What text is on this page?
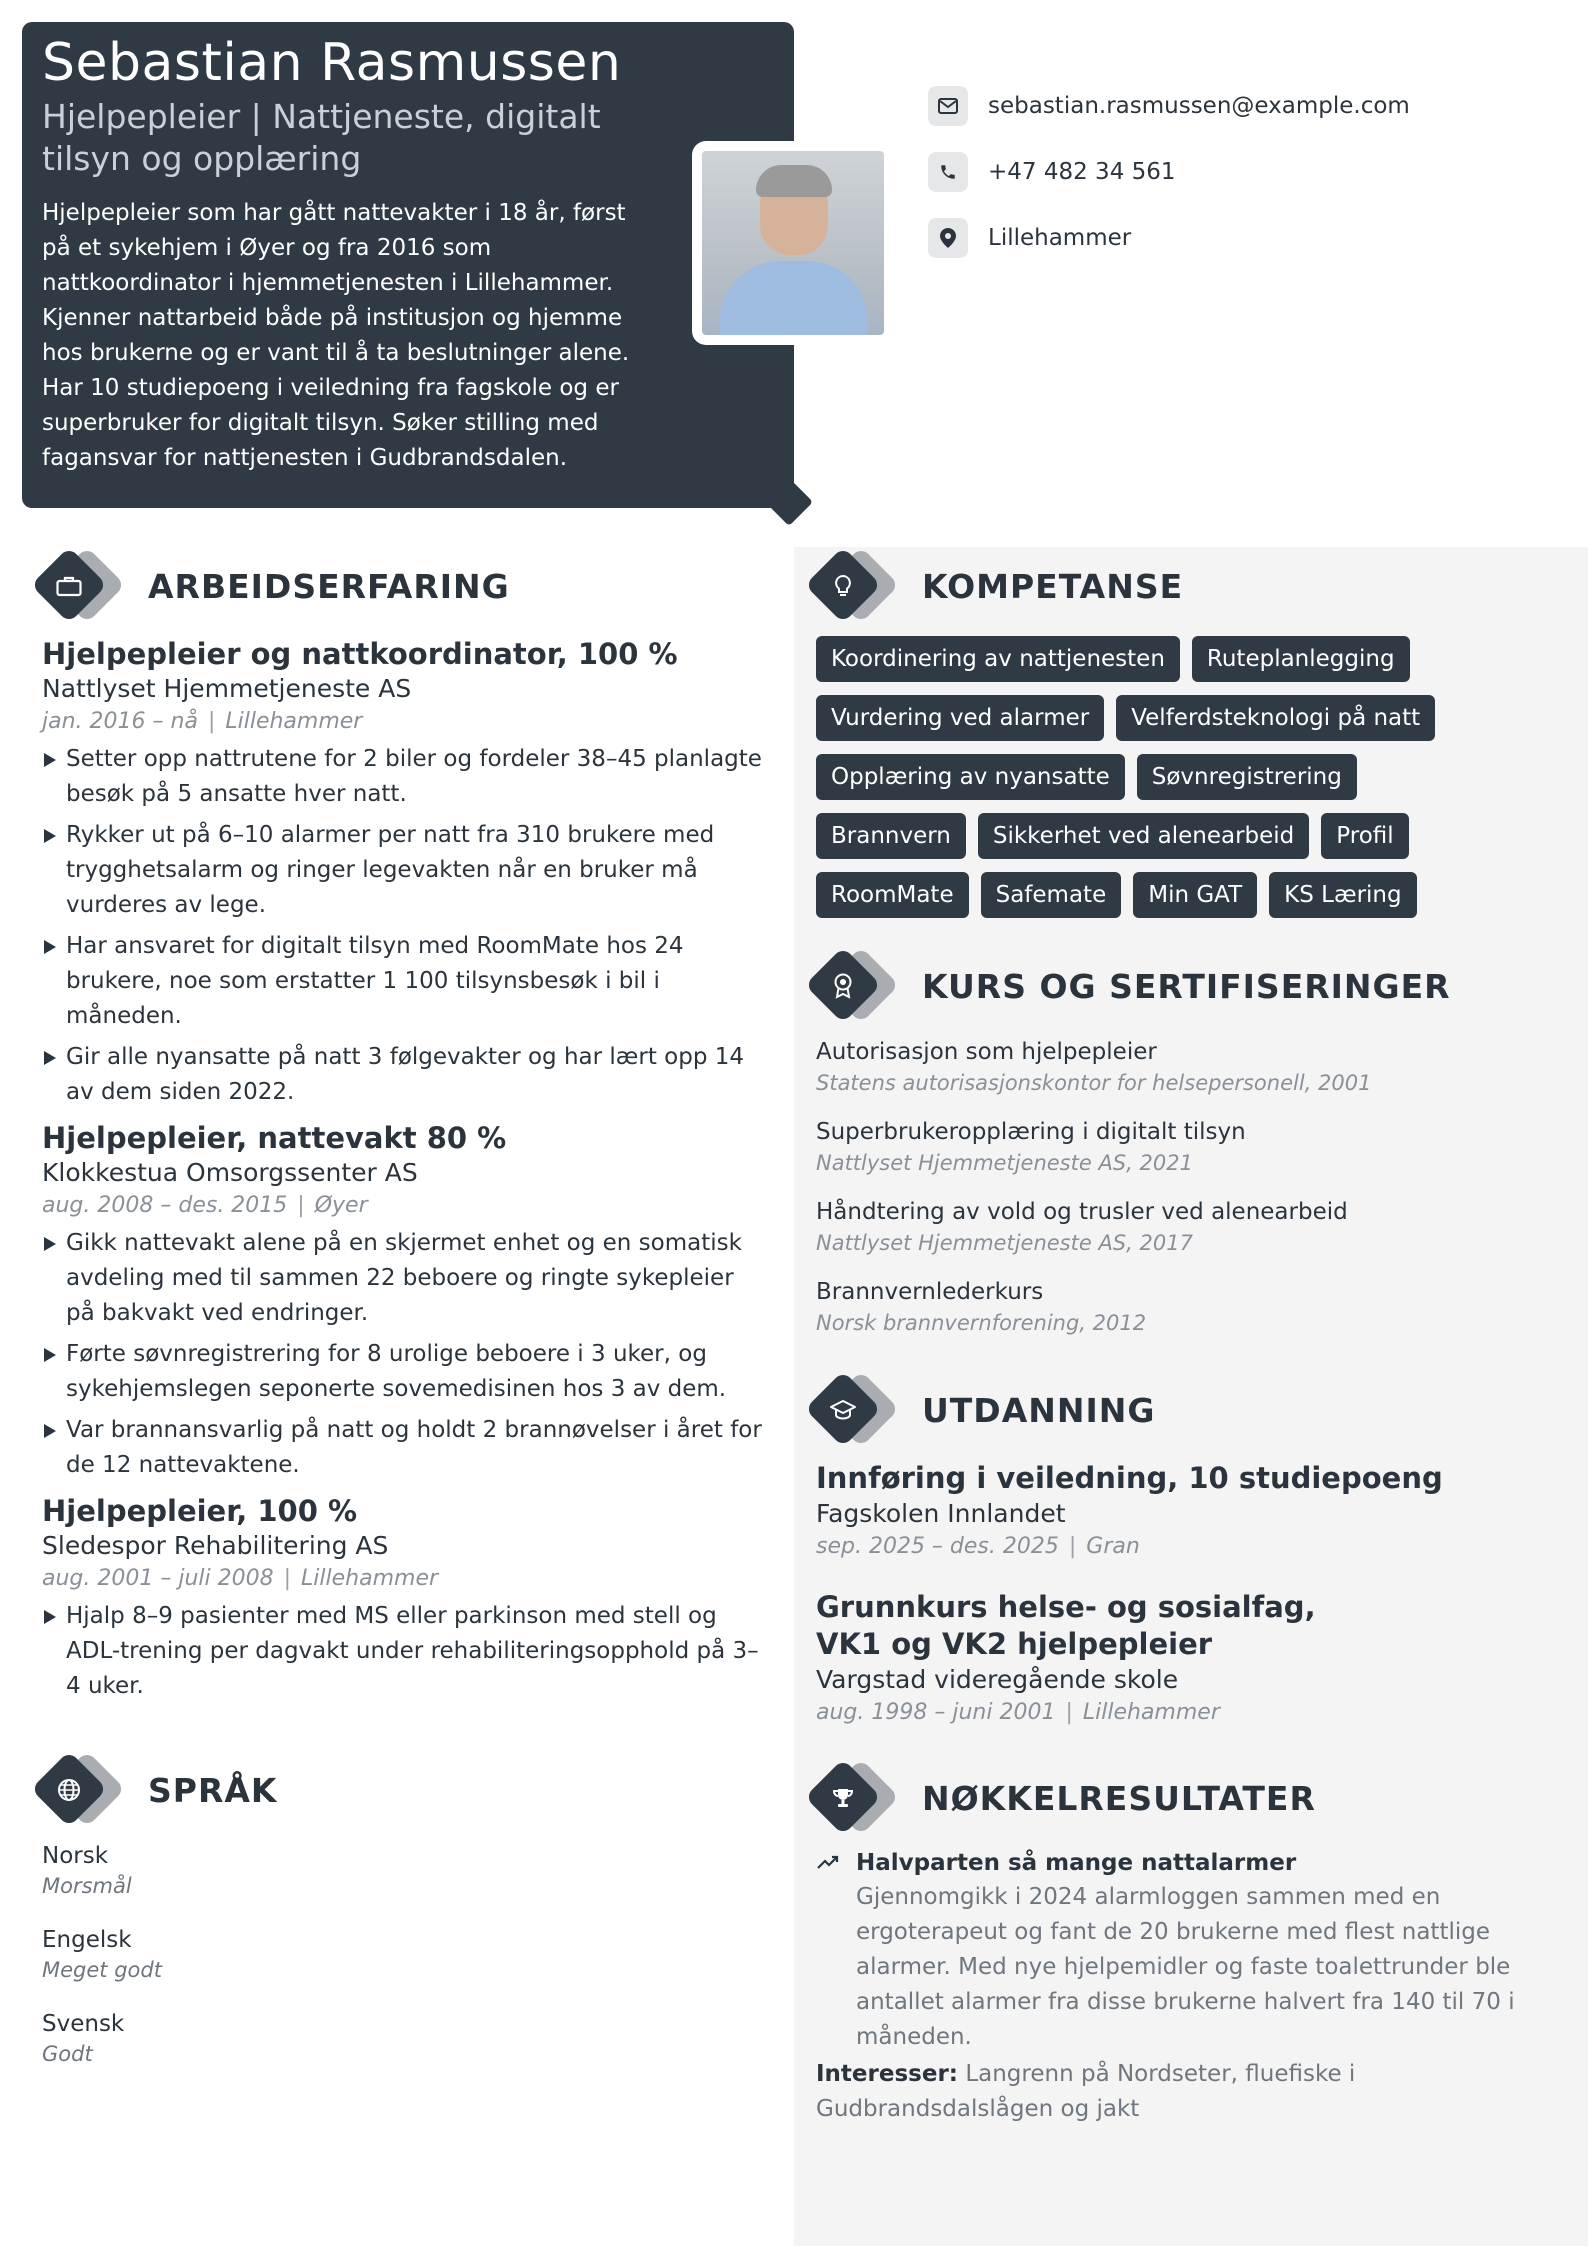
Sebastian Rasmussen
Hjelpepleier | Nattjeneste, digitalt tilsyn og opplæring
Hjelpepleier som har gått nattevakter i 18 år, først på et sykehjem i Øyer og fra 2016 som nattkoordinator i hjemmetjenesten i Lillehammer. Kjenner nattarbeid både på institusjon og hjemme hos brukerne og er vant til å ta beslutninger alene. Har 10 studiepoeng i veiledning fra fagskole og er superbruker for digitalt tilsyn. Søker stilling med fagansvar for nattjenesten i Gudbrandsdalen.
sebastian.rasmussen@example.com
+47 482 34 561
Lillehammer
ARBEIDSERFARING
Hjelpepleier og nattkoordinator, 100 %
Nattlyset Hjemmetjeneste AS
jan. 2016 – nå | Lillehammer
Setter opp nattrutene for 2 biler og fordeler 38–45 planlagte besøk på 5 ansatte hver natt.
Rykker ut på 6–10 alarmer per natt fra 310 brukere med trygghetsalarm og ringer legevakten når en bruker må vurderes av lege.
Har ansvaret for digitalt tilsyn med RoomMate hos 24 brukere, noe som erstatter 1 100 tilsynsbesøk i bil i måneden.
Gir alle nyansatte på natt 3 følgevakter og har lært opp 14 av dem siden 2022.
Hjelpepleier, nattevakt 80 %
Klokkestua Omsorgssenter AS
aug. 2008 – des. 2015 | Øyer
Gikk nattevakt alene på en skjermet enhet og en somatisk avdeling med til sammen 22 beboere og ringte sykepleier på bakvakt ved endringer.
Førte søvnregistrering for 8 urolige beboere i 3 uker, og sykehjemslegen seponerte sovemedisinen hos 3 av dem.
Var brannansvarlig på natt og holdt 2 brannøvelser i året for de 12 nattevaktene.
Hjelpepleier, 100 %
Sledespor Rehabilitering AS
aug. 2001 – juli 2008 | Lillehammer
Hjalp 8–9 pasienter med MS eller parkinson med stell og ADL-trening per dagvakt under rehabiliteringsopphold på 3–4 uker.
SPRÅK
Norsk
Morsmål
Engelsk
Meget godt
Svensk
Godt
KOMPETANSE
Koordinering av nattjenesten	Ruteplanlegging
Vurdering ved alarmer	Velferdsteknologi på natt
Opplæring av nyansatte	Søvnregistrering
Brannvern	Sikkerhet ved alenearbeid	Profil
RoomMate	Safemate	Min GAT	KS Læring
KURS OG SERTIFISERINGER
Autorisasjon som hjelpepleier
Statens autorisasjonskontor for helsepersonell, 2001
Superbrukeropplæring i digitalt tilsyn
Nattlyset Hjemmetjeneste AS, 2021
Håndtering av vold og trusler ved alenearbeid
Nattlyset Hjemmetjeneste AS, 2017
Brannvernlederkurs
Norsk brannvernforening, 2012
UTDANNING
Innføring i veiledning, 10 studiepoeng
Fagskolen Innlandet
sep. 2025 – des. 2025 | Gran
Grunnkurs helse- og sosialfag, VK1 og VK2 hjelpepleier
Vargstad videregående skole
aug. 1998 – juni 2001 | Lillehammer
NØKKELRESULTATER
Halvparten så mange nattalarmer
Gjennomgikk i 2024 alarmloggen sammen med en ergoterapeut og fant de 20 brukerne med flest nattlige alarmer. Med nye hjelpemidler og faste toalettrunder ble antallet alarmer fra disse brukerne halvert fra 140 til 70 i måneden.
Interesser: Langrenn på Nordseter, fluefiske i Gudbrandsdalslågen og jakt
